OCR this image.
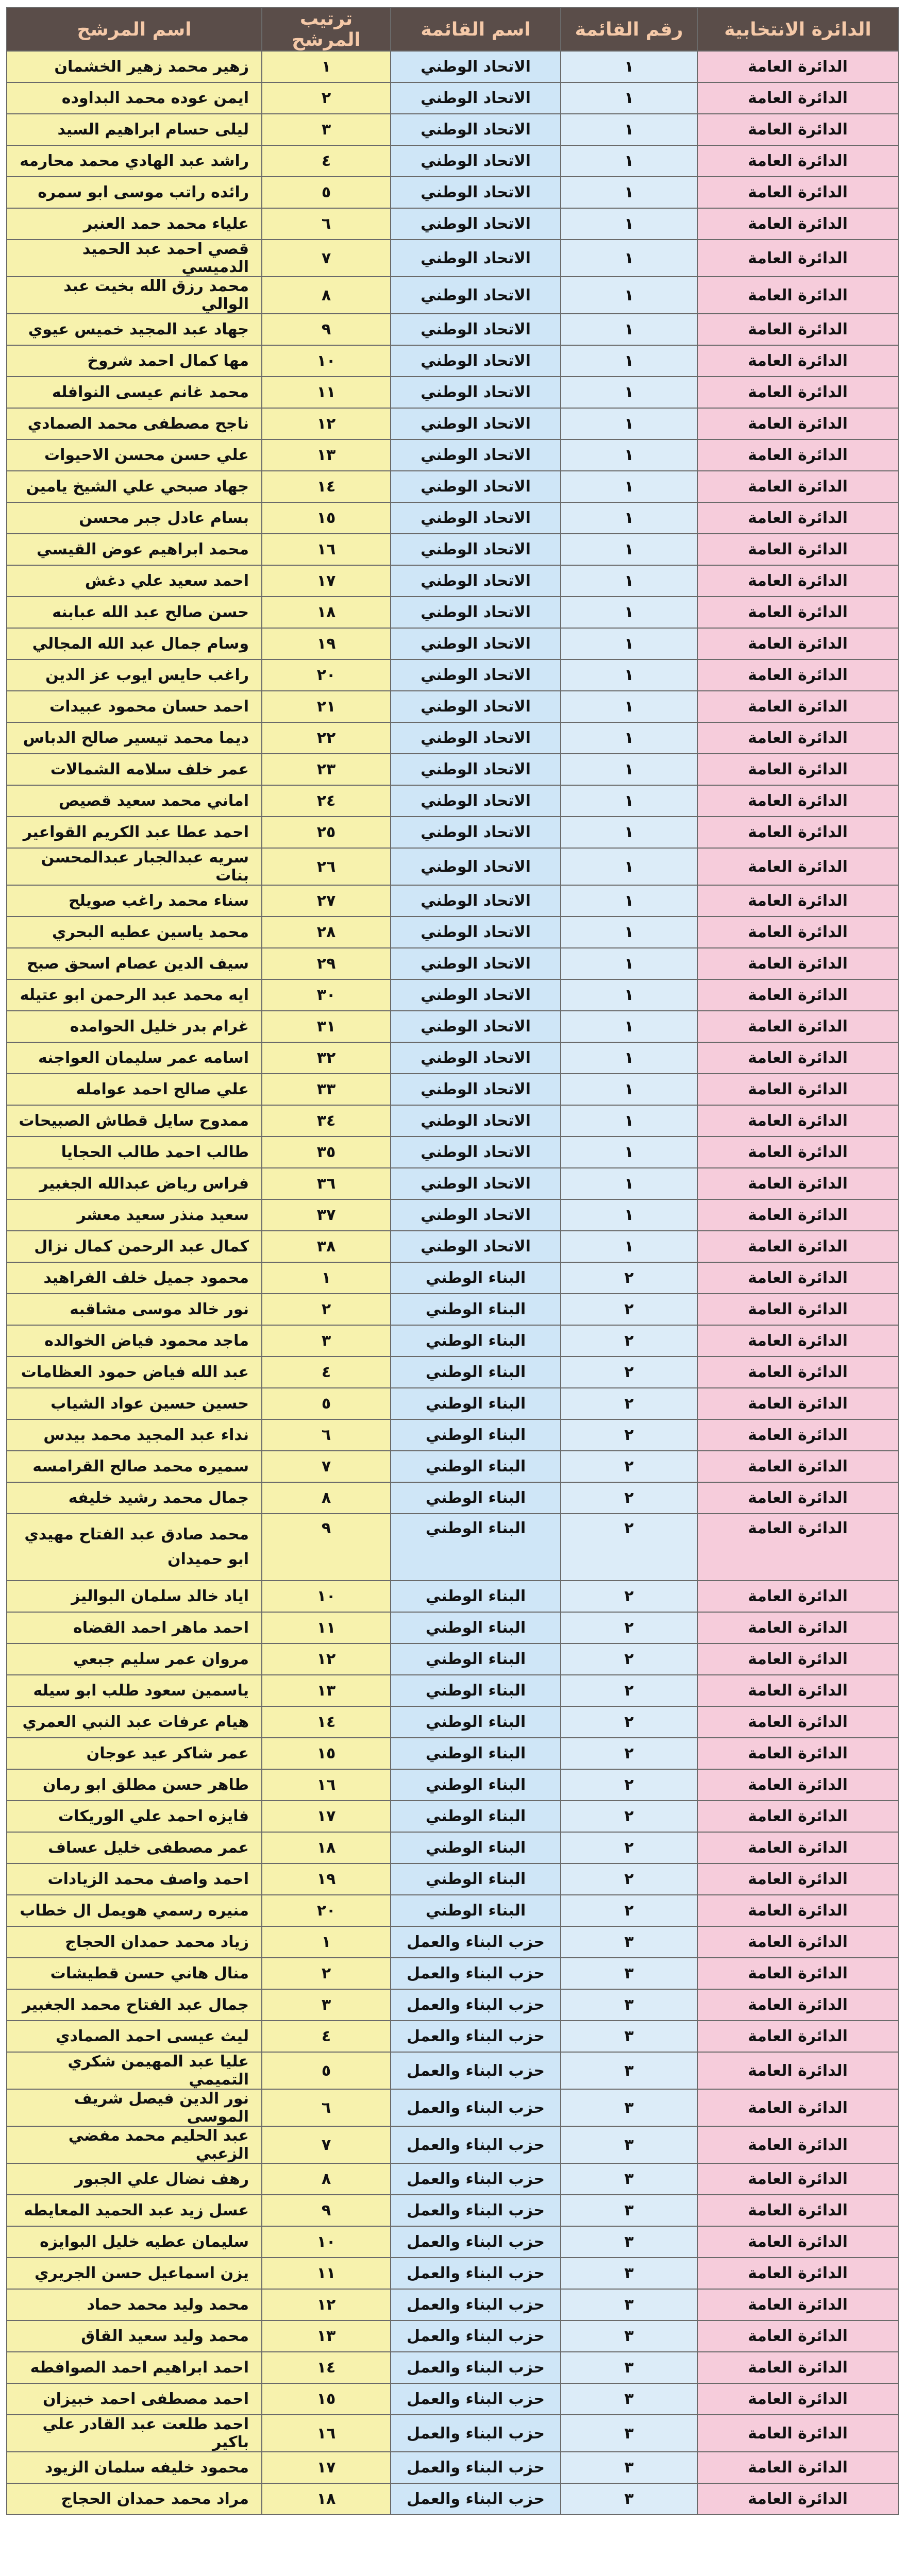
الدائرة الانتخابية	رقم القائمة	اسم القائمة	ترتيب المرشح	اسم المرشح
الدائرة العامة	١	الاتحاد الوطني	١	زهير محمد زهير الخشمان
الدائرة العامة	١	الاتحاد الوطني	٢	ايمن عوده محمد البداوده
الدائرة العامة	١	الاتحاد الوطني	٣	ليلى حسام ابراهيم السيد
الدائرة العامة	١	الاتحاد الوطني	٤	راشد عبد الهادي محمد محارمه
الدائرة العامة	١	الاتحاد الوطني	٥	رائده راتب موسى ابو سمره
الدائرة العامة	١	الاتحاد الوطني	٦	علياء محمد حمد العنبر
الدائرة العامة	١	الاتحاد الوطني	٧	قصي احمد عبد الحميد الدميسي
الدائرة العامة	١	الاتحاد الوطني	٨	محمد رزق الله بخيت عبد الوالي
الدائرة العامة	١	الاتحاد الوطني	٩	جهاد عبد المجيد خميس عيوي
الدائرة العامة	١	الاتحاد الوطني	١٠	مها كمال احمد شروخ
الدائرة العامة	١	الاتحاد الوطني	١١	محمد غانم عيسى النوافله
الدائرة العامة	١	الاتحاد الوطني	١٢	ناجح مصطفى محمد الصمادي
الدائرة العامة	١	الاتحاد الوطني	١٣	علي حسن محسن الاحيوات
الدائرة العامة	١	الاتحاد الوطني	١٤	جهاد صبحي علي الشيخ يامين
الدائرة العامة	١	الاتحاد الوطني	١٥	بسام عادل جبر محسن
الدائرة العامة	١	الاتحاد الوطني	١٦	محمد ابراهيم عوض القيسي
الدائرة العامة	١	الاتحاد الوطني	١٧	احمد سعيد علي دغش
الدائرة العامة	١	الاتحاد الوطني	١٨	حسن صالح عبد الله عبابنه
الدائرة العامة	١	الاتحاد الوطني	١٩	وسام جمال عبد الله المجالي
الدائرة العامة	١	الاتحاد الوطني	٢٠	راغب حايس ايوب عز الدين
الدائرة العامة	١	الاتحاد الوطني	٢١	احمد حسان محمود عبيدات
الدائرة العامة	١	الاتحاد الوطني	٢٢	ديما محمد تيسير صالح الدباس
الدائرة العامة	١	الاتحاد الوطني	٢٣	عمر خلف سلامه الشمالات
الدائرة العامة	١	الاتحاد الوطني	٢٤	اماني محمد سعيد قصيص
الدائرة العامة	١	الاتحاد الوطني	٢٥	احمد عطا عبد الكريم القواعير
الدائرة العامة	١	الاتحاد الوطني	٢٦	سريه عبدالجبار عبدالمحسن بنات
الدائرة العامة	١	الاتحاد الوطني	٢٧	سناء محمد راغب صويلح
الدائرة العامة	١	الاتحاد الوطني	٢٨	محمد ياسين عطيه البحري
الدائرة العامة	١	الاتحاد الوطني	٢٩	سيف الدين عصام اسحق صبح
الدائرة العامة	١	الاتحاد الوطني	٣٠	ايه محمد عبد الرحمن ابو عتيله
الدائرة العامة	١	الاتحاد الوطني	٣١	غرام بدر خليل الحوامده
الدائرة العامة	١	الاتحاد الوطني	٣٢	اسامه عمر سليمان العواجنه
الدائرة العامة	١	الاتحاد الوطني	٣٣	علي صالح احمد عوامله
الدائرة العامة	١	الاتحاد الوطني	٣٤	ممدوح سايل قطاش الصبيحات
الدائرة العامة	١	الاتحاد الوطني	٣٥	طالب احمد طالب الحجايا
الدائرة العامة	١	الاتحاد الوطني	٣٦	فراس رياض عبدالله الجغبير
الدائرة العامة	١	الاتحاد الوطني	٣٧	سعيد منذر سعيد معشر
الدائرة العامة	١	الاتحاد الوطني	٣٨	كمال عبد الرحمن كمال نزال
الدائرة العامة	٢	البناء الوطني	١	محمود جميل خلف الفراهيد
الدائرة العامة	٢	البناء الوطني	٢	نور خالد موسى مشاقبه
الدائرة العامة	٢	البناء الوطني	٣	ماجد محمود فياض الخوالده
الدائرة العامة	٢	البناء الوطني	٤	عبد الله فياض حمود العظامات
الدائرة العامة	٢	البناء الوطني	٥	حسين حسين عواد الشياب
الدائرة العامة	٢	البناء الوطني	٦	نداء عبد المجيد محمد بيدس
الدائرة العامة	٢	البناء الوطني	٧	سميره محمد صالح القرامسه
الدائرة العامة	٢	البناء الوطني	٨	جمال محمد رشيد خليفه
الدائرة العامة	٢	البناء الوطني	٩	محمد صادق عبد الفتاح مهيدي ابو حميدان
الدائرة العامة	٢	البناء الوطني	١٠	اياد خالد سلمان البواليز
الدائرة العامة	٢	البناء الوطني	١١	احمد ماهر احمد القضاه
الدائرة العامة	٢	البناء الوطني	١٢	مروان عمر سليم جبعي
الدائرة العامة	٢	البناء الوطني	١٣	ياسمين سعود طلب ابو سيله
الدائرة العامة	٢	البناء الوطني	١٤	هيام عرفات عبد النبي العمري
الدائرة العامة	٢	البناء الوطني	١٥	عمر شاكر عيد عوجان
الدائرة العامة	٢	البناء الوطني	١٦	طاهر حسن مطلق ابو رمان
الدائرة العامة	٢	البناء الوطني	١٧	فايزه احمد علي الوريكات
الدائرة العامة	٢	البناء الوطني	١٨	عمر مصطفى خليل عساف
الدائرة العامة	٢	البناء الوطني	١٩	احمد واصف محمد الزيادات
الدائرة العامة	٢	البناء الوطني	٢٠	منيره رسمي هويمل ال خطاب
الدائرة العامة	٣	حزب البناء والعمل	١	زياد محمد حمدان الحجاج
الدائرة العامة	٣	حزب البناء والعمل	٢	منال هاني حسن قطيشات
الدائرة العامة	٣	حزب البناء والعمل	٣	جمال عبد الفتاح محمد الجغبير
الدائرة العامة	٣	حزب البناء والعمل	٤	ليث عيسى احمد الصمادي
الدائرة العامة	٣	حزب البناء والعمل	٥	عليا عبد المهيمن شكري التميمي
الدائرة العامة	٣	حزب البناء والعمل	٦	نور الدين فيصل شريف الموسى
الدائرة العامة	٣	حزب البناء والعمل	٧	عبد الحليم محمد مفضي الزعبي
الدائرة العامة	٣	حزب البناء والعمل	٨	رهف نضال علي الجبور
الدائرة العامة	٣	حزب البناء والعمل	٩	عسل زيد عبد الحميد المعايطه
الدائرة العامة	٣	حزب البناء والعمل	١٠	سليمان عطيه خليل البوايزه
الدائرة العامة	٣	حزب البناء والعمل	١١	يزن اسماعيل حسن الجريري
الدائرة العامة	٣	حزب البناء والعمل	١٢	محمد وليد محمد حماد
الدائرة العامة	٣	حزب البناء والعمل	١٣	محمد وليد سعيد القاق
الدائرة العامة	٣	حزب البناء والعمل	١٤	احمد ابراهيم احمد الصوافطه
الدائرة العامة	٣	حزب البناء والعمل	١٥	احمد مصطفى احمد خبيزان
الدائرة العامة	٣	حزب البناء والعمل	١٦	احمد طلعت عبد القادر علي باكير
الدائرة العامة	٣	حزب البناء والعمل	١٧	محمود خليفه سلمان الزيود
الدائرة العامة	٣	حزب البناء والعمل	١٨	مراد محمد حمدان الحجاج
